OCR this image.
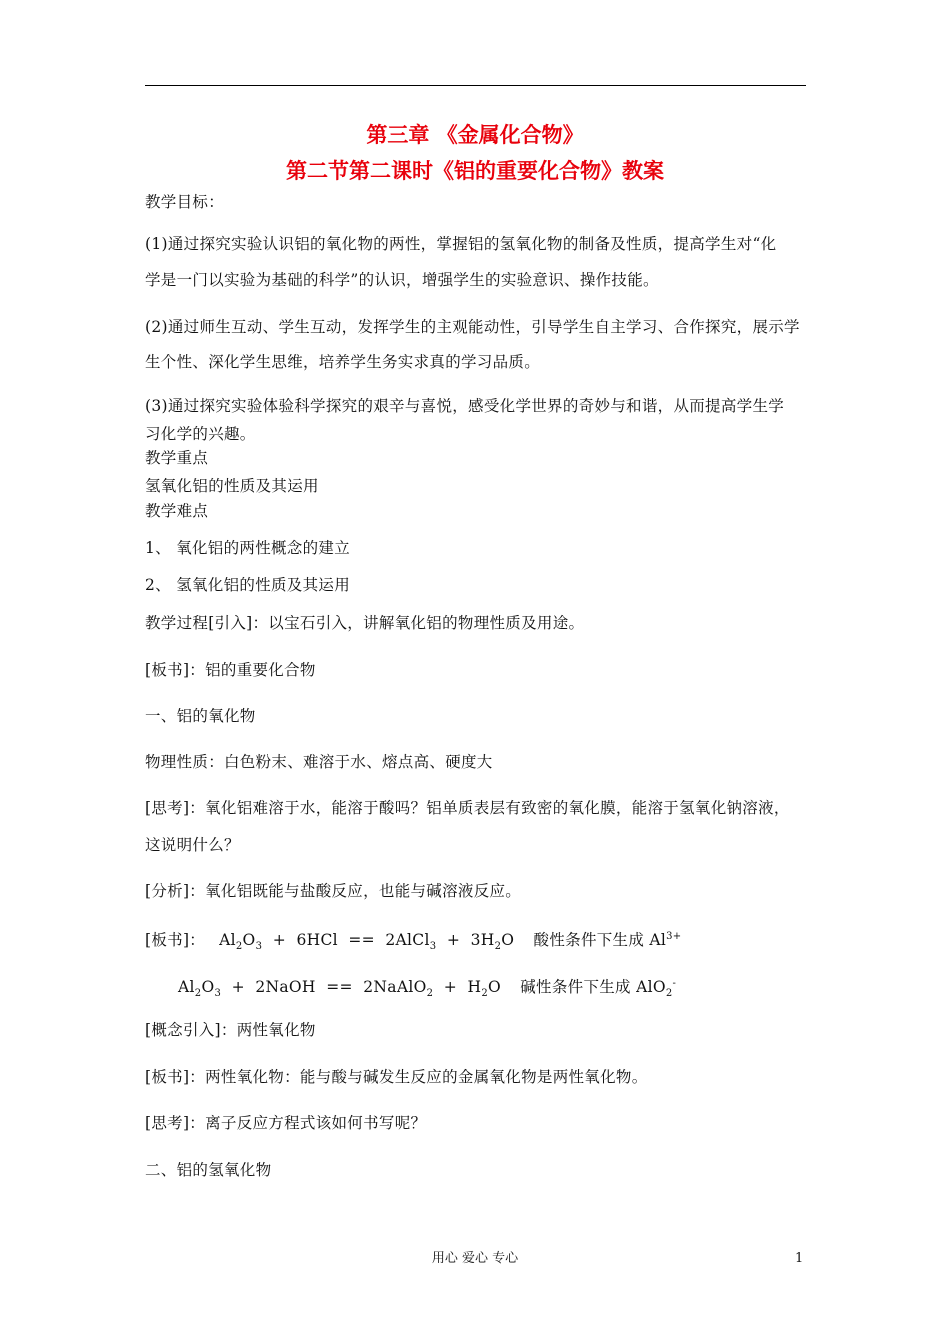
第三章 《金属化合物》
第二节第二课时《铝的重要化合物》教案
教学目标：
(1)通过探究实验认识铝的氧化物的两性，掌握铝的氢氧化物的制备及性质，提高学生对“化
学是一门以实验为基础的科学”的认识，增强学生的实验意识、操作技能。
(2)通过师生互动、学生互动，发挥学生的主观能动性，引导学生自主学习、合作探究，展示学
生个性、深化学生思维，培养学生务实求真的学习品质。
(3)通过探究实验体验科学探究的艰辛与喜悦，感受化学世界的奇妙与和谐，从而提高学生学
习化学的兴趣。
教学重点
氢氧化铝的性质及其运用
教学难点
1、 氧化铝的两性概念的建立
2、 氢氧化铝的性质及其运用
教学过程[引入]：以宝石引入，讲解氧化铝的物理性质及用途。
[板书]：铝的重要化合物
一、铝的氧化物
物理性质：白色粉末、难溶于水、熔点高、硬度大
[思考]：氧化铝难溶于水，能溶于酸吗？铝单质表层有致密的氧化膜，能溶于氢氧化钠溶液，
这说明什么？
[分析]：氧化铝既能与盐酸反应，也能与碱溶液反应。
[板书]： $Al_2O_3 + 6HCl$ == 2AlCl$_3$ + $3H_2O$ 酸性条件下生成 $Al^{3+}$
$Al_2O_3$ + 2NaOH == 2NaAlO$_2$ + $H_2O$ 碱性条件下生成 AlO$_2$-
[概念引入]：两性氧化物
[板书]：两性氧化物：能与酸与碱发生反应的金属氧化物是两性氧化物。
[思考]：离子反应方程式该如何书写呢？
二、铝的氢氧化物
用心 爱心 专心	1
